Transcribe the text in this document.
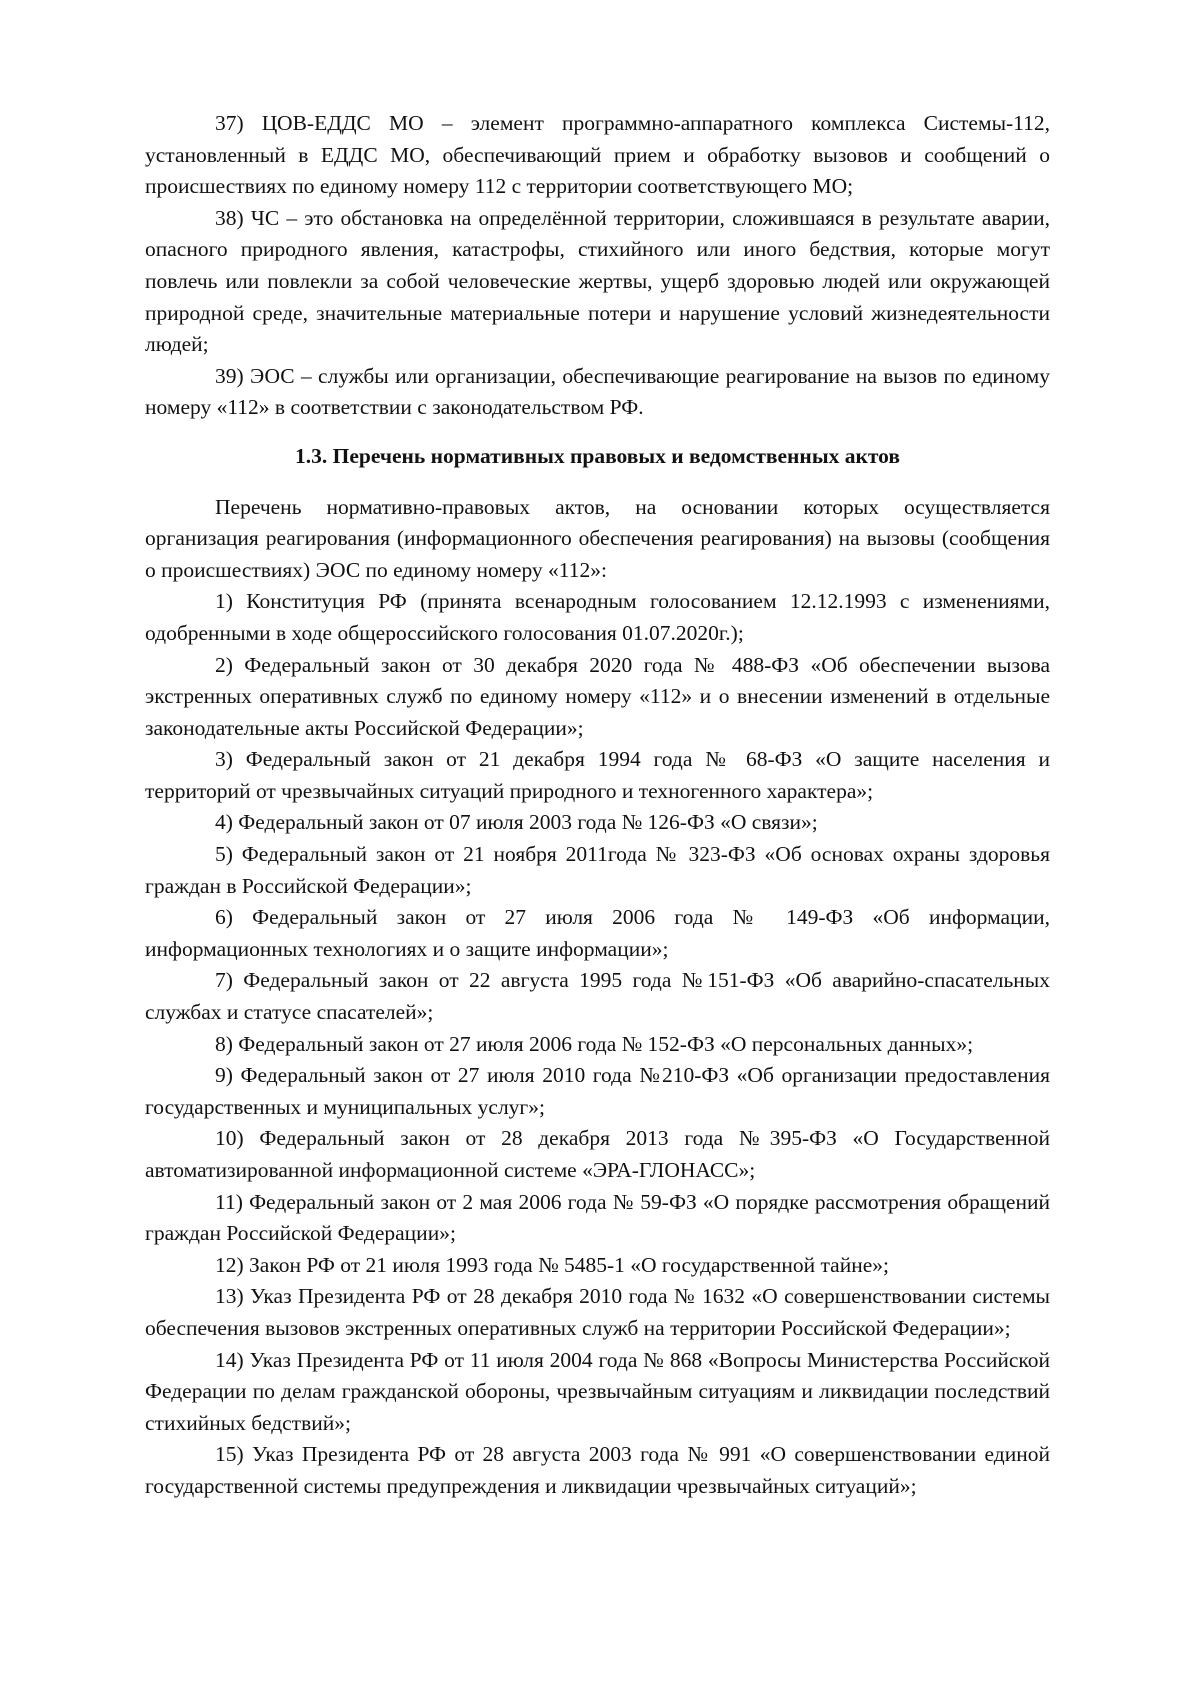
37) ЦОВ-ЕДДС МО – элемент программно-аппаратного комплекса Системы-112, установленный в ЕДДС МО, обеспечивающий прием и обработку вызовов и сообщений о происшествиях по единому номеру 112 с территории соответствующего МО;

38) ЧС – это обстановка на определённой территории, сложившаяся в результате аварии, опасного природного явления, катастрофы, стихийного или иного бедствия, которые могут повлечь или повлекли за собой человеческие жертвы, ущерб здоровью людей или окружающей природной среде, значительные материальные потери и нарушение условий жизнедеятельности людей;

39) ЭОС – службы или организации, обеспечивающие реагирование на вызов по единому номеру «112» в соответствии с законодательством РФ.

1.3. Перечень нормативных правовых и ведомственных актов

Перечень нормативно-правовых актов, на основании которых осуществляется организация реагирования (информационного обеспечения реагирования) на вызовы (сообщения о происшествиях) ЭОС по единому номеру «112»:

1) Конституция РФ (принята всенародным голосованием 12.12.1993 с изменениями, одобренными в ходе общероссийского голосования 01.07.2020г.);

2) Федеральный закон от 30 декабря 2020 года № 488-ФЗ «Об обеспечении вызова экстренных оперативных служб по единому номеру «112» и о внесении изменений в отдельные законодательные акты Российской Федерации»;

3) Федеральный закон от 21 декабря 1994 года № 68-ФЗ «О защите населения и территорий от чрезвычайных ситуаций природного и техногенного характера»;

4) Федеральный закон от 07 июля 2003 года № 126-ФЗ «О связи»;

5) Федеральный закон от 21 ноября 2011года № 323-ФЗ «Об основах охраны здоровья граждан в Российской Федерации»;

6) Федеральный закон от 27 июля 2006 года № 149-ФЗ «Об информации, информационных технологиях и о защите информации»;

7) Федеральный закон от 22 августа 1995 года №151-ФЗ «Об аварийно-спасательных службах и статусе спасателей»;

8) Федеральный закон от 27 июля 2006 года № 152-ФЗ «О персональных данных»;

9) Федеральный закон от 27 июля 2010 года №210-ФЗ «Об организации предоставления государственных и муниципальных услуг»;

10) Федеральный закон от 28 декабря 2013 года №395-ФЗ «О Государственной автоматизированной информационной системе «ЭРА-ГЛОНАСС»;

11) Федеральный закон от 2 мая 2006 года № 59-ФЗ «О порядке рассмотрения обращений граждан Российской Федерации»;

12) Закон РФ от 21 июля 1993 года № 5485-1 «О государственной тайне»;

13) Указ Президента РФ от 28 декабря 2010 года № 1632 «О совершенствовании системы обеспечения вызовов экстренных оперативных служб на территории Российской Федерации»;

14) Указ Президента РФ от 11 июля 2004 года № 868 «Вопросы Министерства Российской Федерации по делам гражданской обороны, чрезвычайным ситуациям и ликвидации последствий стихийных бедствий»;

15) Указ Президента РФ от 28 августа 2003 года № 991 «О совершенствовании единой государственной системы предупреждения и ликвидации чрезвычайных ситуаций»;
